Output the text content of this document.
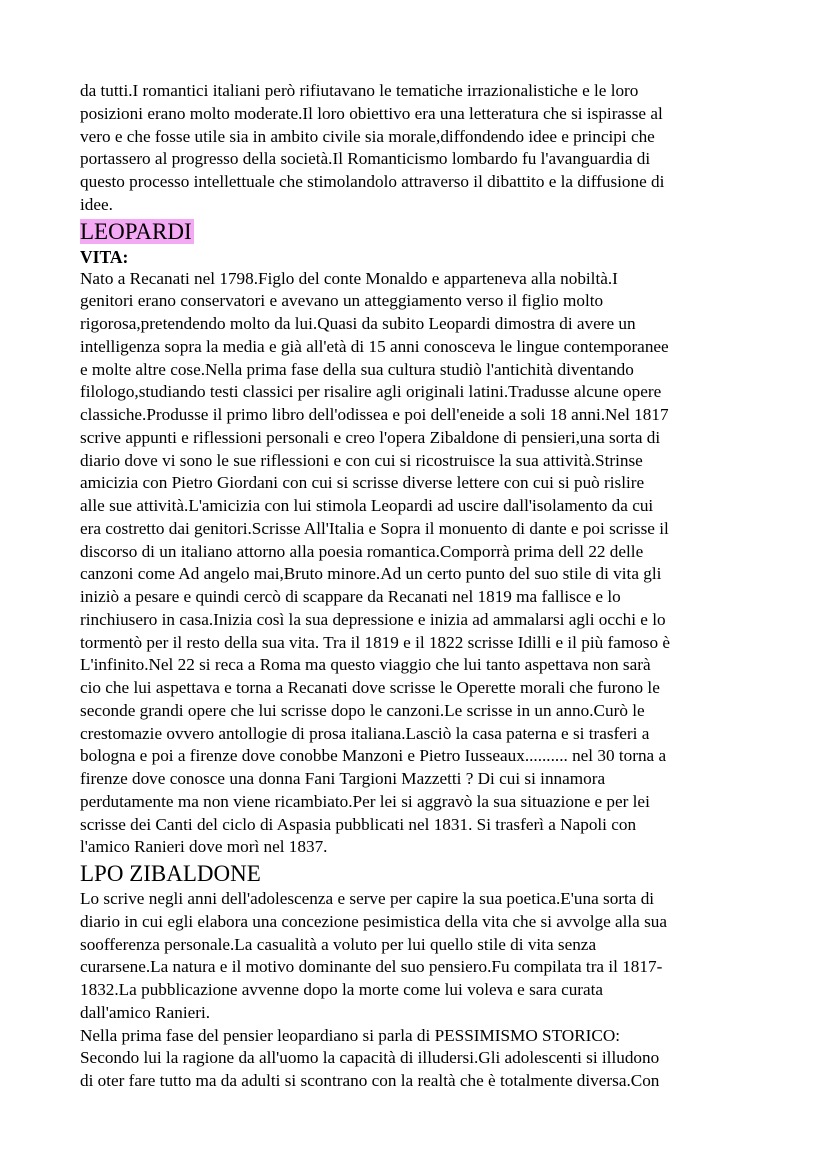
da tutti.I romantici italiani però rifiutavano le tematiche irrazionalistiche e le loro
posizioni erano molto moderate.Il loro obiettivo era una letteratura che si ispirasse al
vero e che fosse utile sia in ambito civile sia morale,diffondendo idee e principi che
portassero al progresso della società.Il Romanticismo lombardo fu l'avanguardia di
questo processo intellettuale che stimolandolo attraverso il dibattito e la diffusione di
idee.

LEOPARDI
VITA:

Nato a Recanati nel 1798.Figlo del conte Monaldo e apparteneva alla nobiltà.I
genitori erano conservatori e avevano un atteggiamento verso il figlio molto
rigorosa,pretendendo molto da lui.Quasi da subito Leopardi dimostra di avere un
intelligenza sopra la media e già all'età di 15 anni conosceva le lingue contemporanee
e molte altre cose.Nella prima fase della sua cultura studiò l'antichità diventando
filologo,studiando testi classici per risalire agli originali latini.Tradusse alcune opere
classiche.Produsse il primo libro dell'odissea e poi dell'eneide a soli 18 anni.Nel 1817
scrive appunti e riflessioni personali e creo l'opera Zibaldone di pensieri,una sorta di
diario dove vi sono le sue riflessioni e con cui si ricostruisce la sua attività.Strinse
amicizia con Pietro Giordani con cui si scrisse diverse lettere con cui si può rislire
alle sue attività.L'amicizia con lui stimola Leopardi ad uscire dall'isolamento da cui
era costretto dai genitori.Scrisse All'Italia e Sopra il monuento di dante e poi scrisse il
discorso di un italiano attorno alla poesia romantica.Comporrà prima dell 22 delle
canzoni come Ad angelo mai,Bruto minore.Ad un certo punto del suo stile di vita gli
iniziò a pesare e quindi cercò di scappare da Recanati nel 1819 ma fallisce e lo
rinchiusero in casa.Inizia così la sua depressione e inizia ad ammalarsi agli occhi e lo
tormentò per il resto della sua vita. Tra il 1819 e il 1822 scrisse Idilli e il più famoso è
L'infinito.Nel 22 si reca a Roma ma questo viaggio che lui tanto aspettava non sarà
cio che lui aspettava e torna a Recanati dove scrisse le Operette morali che furono le
seconde grandi opere che lui scrisse dopo le canzoni.Le scrisse in un anno.Curò le
crestomazie ovvero antollogie di prosa italiana.Lasciò la casa paterna e si trasferi a
bologna e poi a firenze dove conobbe Manzoni e Pietro Iusseaux.......... nel 30 torna a
firenze dove conosce una donna Fani Targioni Mazzetti ? Di cui si innamora
perdutamente ma non viene ricambiato.Per lei si aggravò la sua situazione e per lei
scrisse dei Canti del ciclo di Aspasia pubblicati nel 1831. Si trasferì a Napoli con
l'amico Ranieri dove morì nel 1837.

LPO ZIBALDONE

Lo scrive negli anni dell'adolescenza e serve per capire la sua poetica.E'una sorta di
diario in cui egli elabora una concezione pesimistica della vita che si avvolge alla sua
soofferenza personale.La casualità a voluto per lui quello stile di vita senza
curarsene.La natura e il motivo dominante del suo pensiero.Fu compilata tra il 1817-
1832.La pubblicazione avvenne dopo la morte come lui voleva e sara curata
dall'amico Ranieri.

Nella prima fase del pensier leopardiano si parla di PESSIMISMO STORICO:
Secondo lui la ragione da all'uomo la capacità di illudersi.Gli adolescenti si illudono
di oter fare tutto ma da adulti si scontrano con la realtà che è totalmente diversa.Con
